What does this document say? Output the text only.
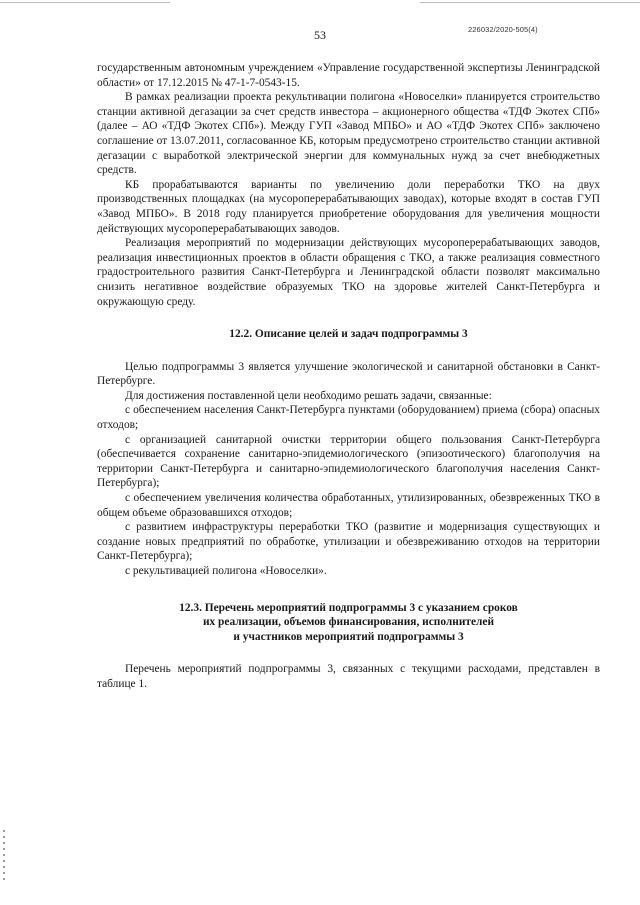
53	226032/2020-505(4)

государственным автономным учреждением «Управление государственной экспертизы Ленинградской области» от 17.12.2015 № 47-1-7-0543-15.

В рамках реализации проекта рекультивации полигона «Новоселки» планируется строительство станции активной дегазации за счет средств инвестора – акционерного общества «ТДФ Экотех СПб» (далее – АО «ТДФ Экотех СПб»). Между ГУП «Завод МПБО» и АО «ТДФ Экотех СПб» заключено соглашение от 13.07.2011, согласованное КБ, которым предусмотрено строительство станции активной дегазации с выработкой электрической энергии для коммунальных нужд за счет внебюджетных средств.

КБ прорабатываются варианты по увеличению доли переработки ТКО на двух производственных площадках (на мусороперерабатывающих заводах), которые входят в состав ГУП «Завод МПБО». В 2018 году планируется приобретение оборудования для увеличения мощности действующих мусороперерабатывающих заводов.

Реализация мероприятий по модернизации действующих мусороперерабатывающих заводов, реализация инвестиционных проектов в области обращения с ТКО, а также реализация совместного градостроительного развития Санкт-Петербурга и Ленинградской области позволят максимально снизить негативное воздействие образуемых ТКО на здоровье жителей Санкт-Петербурга и окружающую среду.

12.2. Описание целей и задач подпрограммы 3

Целью подпрограммы 3 является улучшение экологической и санитарной обстановки в Санкт-Петербурге.

Для достижения поставленной цели необходимо решать задачи, связанные:

с обеспечением населения Санкт-Петербурга пунктами (оборудованием) приема (сбора) опасных отходов;

с организацией санитарной очистки территории общего пользования Санкт-Петербурга (обеспечивается сохранение санитарно-эпидемиологического (эпизоотического) благополучия на территории Санкт-Петербурга и санитарно-эпидемиологического благополучия населения Санкт-Петербурга);

с обеспечением увеличения количества обработанных, утилизированных, обезвреженных ТКО в общем объеме образовавшихся отходов;

с развитием инфраструктуры переработки ТКО (развитие и модернизация существующих и создание новых предприятий по обработке, утилизации и обезвреживанию отходов на территории Санкт-Петербурга);

с рекультивацией полигона «Новоселки».

12.3. Перечень мероприятий подпрограммы 3 с указанием сроков
их реализации, объемов финансирования, исполнителей
и участников мероприятий подпрограммы 3

Перечень мероприятий подпрограммы 3, связанных с текущими расходами, представлен в таблице 1.
